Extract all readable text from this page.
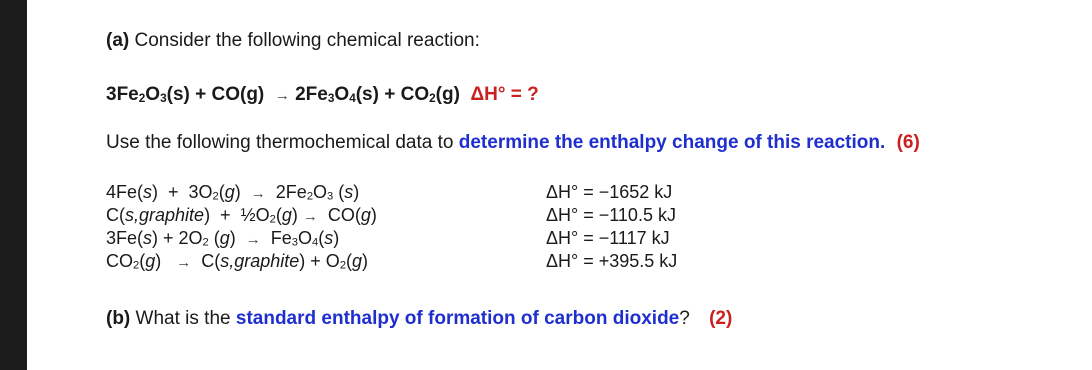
(a) Consider the following chemical reaction:
$3Fe_2O_3(s) + CO(g) \to 2Fe_3O_4(s) + CO_2(g) \Delta H^\circ$ = ?
Use the following thermochemical data to determine the enthalpy change of this reaction. (6)
$4Fe(s) + 3O_2(g) \to 2Fe_2O_3$ (s)	ΔH° = −1652 kJ
C(s,graphite)  +  $\frac{1}{2}O_2(g) \to CO(g)$	ΔH° = −110.5 kJ
$3Fe(s) + 2O_2$ $(g) \to Fe_3O_4(s)$	ΔH° = −1117 kJ
$CO_2(g)$   →  C(s,graphite) + $O_2(g)$	ΔH° = +395.5 kJ
(b) What is the standard enthalpy of formation of carbon dioxide? (2)
